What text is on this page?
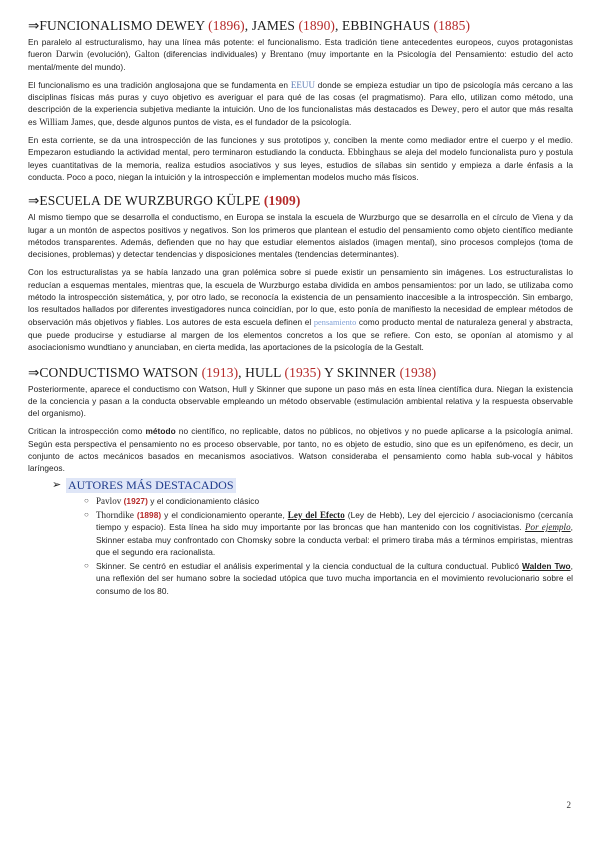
⇒FUNCIONALISMO DEWEY (1896), JAMES (1890), EBBINGHAUS (1885)

En paralelo al estructuralismo, hay una línea más potente: el funcionalismo. Esta tradición tiene antecedentes europeos, cuyos protagonistas fueron Darwin (evolución), Galton (diferencias individuales) y Brentano (muy importante en la Psicología del Pensamiento: estudio del acto mental/mente del mundo).

El funcionalismo es una tradición anglosajona que se fundamenta en EEUU donde se empieza estudiar un tipo de psicología más cercano a las disciplinas físicas más puras y cuyo objetivo es averiguar el para qué de las cosas (el pragmatismo). Para ello, utilizan como método, una descripción de la experiencia subjetiva mediante la intuición. Uno de los funcionalistas más destacados es Dewey, pero el autor que más resalta es William James, que, desde algunos puntos de vista, es el fundador de la psicología.

En esta corriente, se da una introspección de las funciones y sus prototipos y, conciben la mente como mediador entre el cuerpo y el medio. Empezaron estudiando la actividad mental, pero terminaron estudiando la conducta. Ebbinghaus se aleja del modelo funcionalista puro y postula leyes cuantitativas de la memoria, realiza estudios asociativos y sus leyes, estudios de sílabas sin sentido y empieza a darle énfasis a la conducta. Poco a poco, niegan la intuición y la introspección e implementan modelos mucho más físicos.

⇒ESCUELA DE WURZBURGO KÜLPE (1909)

Al mismo tiempo que se desarrolla el conductismo, en Europa se instala la escuela de Wurzburgo que se desarrolla en el círculo de Viena y da lugar a un montón de aspectos positivos y negativos. Son los primeros que plantean el estudio del pensamiento como objeto científico mediante métodos transparentes. Además, defienden que no hay que estudiar elementos aislados (imagen mental), sino procesos complejos (toma de decisiones, problemas) y detectar tendencias y disposiciones mentales (tendencias determinantes).

Con los estructuralistas ya se había lanzado una gran polémica sobre si puede existir un pensamiento sin imágenes. Los estructuralistas lo reducían a esquemas mentales, mientras que, la escuela de Wurzburgo estaba dividida en ambos pensamientos: por un lado, se utilizaba como método la introspección sistemática, y, por otro lado, se reconocía la existencia de un pensamiento inaccesible a la introspección. Sin embargo, los resultados hallados por diferentes investigadores nunca coincidían, por lo que, esto ponía de manifiesto la necesidad de emplear métodos de observación más objetivos y fiables. Los autores de esta escuela definen el pensamiento como producto mental de naturaleza general y abstracta, que puede producirse y estudiarse al margen de los elementos concretos a los que se refiere. Con esto, se oponían al atomismo y al asociacionismo wundtiano y anunciaban, en cierta medida, las aportaciones de la psicología de la Gestalt.

⇒CONDUCTISMO WATSON (1913), HULL (1935) Y SKINNER (1938)

Posteriormente, aparece el conductismo con Watson, Hull y Skinner que supone un paso más en esta línea científica dura. Niegan la existencia de la conciencia y pasan a la conducta observable empleando un método observable (estimulación ambiental relativa y la respuesta observable del organismo).

Critican la introspección como método no científico, no replicable, datos no públicos, no objetivos y no puede aplicarse a la psicología animal. Según esta perspectiva el pensamiento no es proceso observable, por tanto, no es objeto de estudio, sino que es un epifenómeno, es decir, un conjunto de actos mecánicos basados en mecanismos asociativos. Watson consideraba el pensamiento como habla sub-vocal y hábitos laríngeos.

➢ AUTORES MÁS DESTACADOS
○ Pavlov (1927) y el condicionamiento clásico

○ Thorndike (1898) y el condicionamiento operante, Ley del Efecto (Ley de Hebb), Ley del ejercicio / asociacionismo (cercanía tiempo y espacio). Esta línea ha sido muy importante por las broncas que han mantenido con los cognitivistas. Por ejemplo, Skinner estaba muy confrontado con Chomsky sobre la conducta verbal: el primero tiraba más a términos empiristas, mientras que el segundo era racionalista.

○ Skinner. Se centró en estudiar el análisis experimental y la ciencia conductual de la cultura conductual. Publicó Walden Two, una reflexión del ser humano sobre la sociedad utópica que tuvo mucha importancia en el movimiento revolucionario sobre el consumo de los 80.

2
